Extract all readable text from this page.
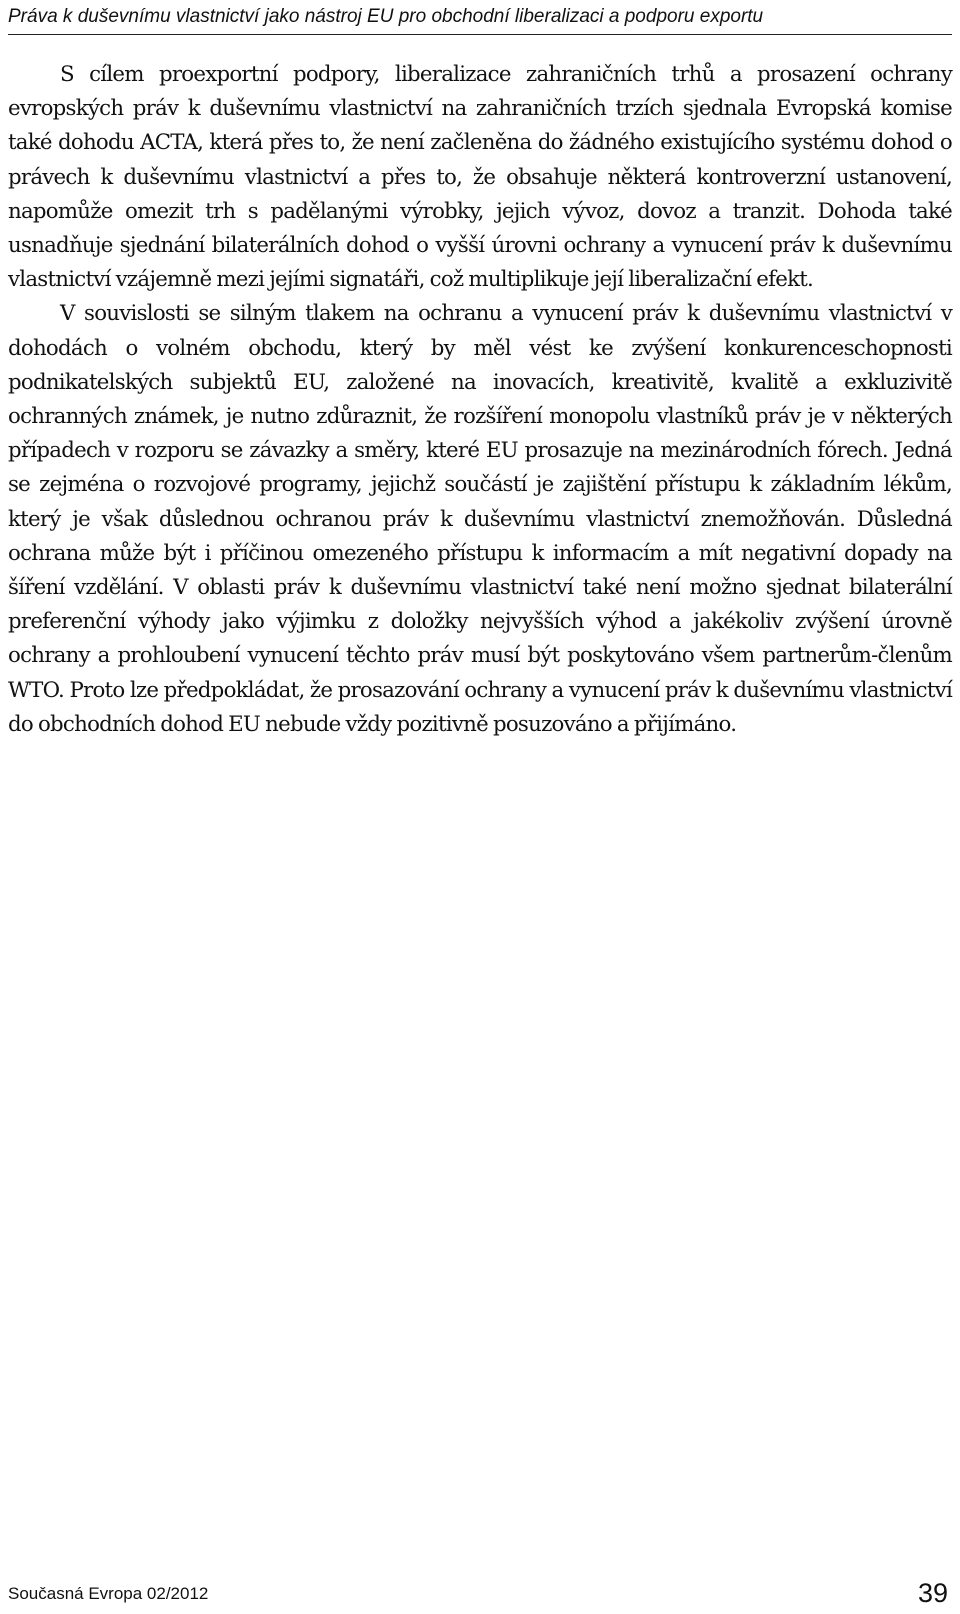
Práva k duševnímu vlastnictví jako nástroj EU pro obchodní liberalizaci a podporu exportu

S cílem proexportní podpory, liberalizace zahraničních trhů a prosazení ochrany evropských práv k duševnímu vlastnictví na zahraničních trzích sjednala Evropská komise také dohodu ACTA, která přes to, že není začleněna do žádného existujícího systému dohod o právech k duševnímu vlastnictví a přes to, že obsahuje některá kontroverzní ustanovení, napomůže omezit trh s padělanými výrobky, jejich vývoz, dovoz a tranzit. Dohoda také usnadňuje sjednání bilaterálních dohod o vyšší úrovni ochrany a vynucení práv k duševnímu vlastnictví vzájemně mezi jejími signatáři, což multiplikuje její liberalizační efekt.

V souvislosti se silným tlakem na ochranu a vynucení práv k duševnímu vlastnictví v dohodách o volném obchodu, který by měl vést ke zvýšení konkurenceschopnosti podnikatelských subjektů EU, založené na inovacích, kreativitě, kvalitě a exkluzivitě ochranných známek, je nutno zdůraznit, že rozšíření monopolu vlastníků práv je v některých případech v rozporu se závazky a směry, které EU prosazuje na mezinárodních fórech. Jedná se zejména o rozvojové programy, jejichž součástí je zajištění přístupu k základním lékům, který je však důslednou ochranou práv k duševnímu vlastnictví znemožňován. Důsledná ochrana může být i příčinou omezeného přístupu k informacím a mít negativní dopady na šíření vzdělání. V oblasti práv k duševnímu vlastnictví také není možno sjednat bilaterální preferenční výhody jako výjimku z doložky nejvyšších výhod a jakékoliv zvýšení úrovně ochrany a prohloubení vynucení těchto práv musí být poskytováno všem partnerům-členům WTO. Proto lze předpokládat, že prosazování ochrany a vynucení práv k duševnímu vlastnictví do obchodních dohod EU nebude vždy pozitivně posuzováno a přijímáno.

Současná Evropa 02/2012	39
